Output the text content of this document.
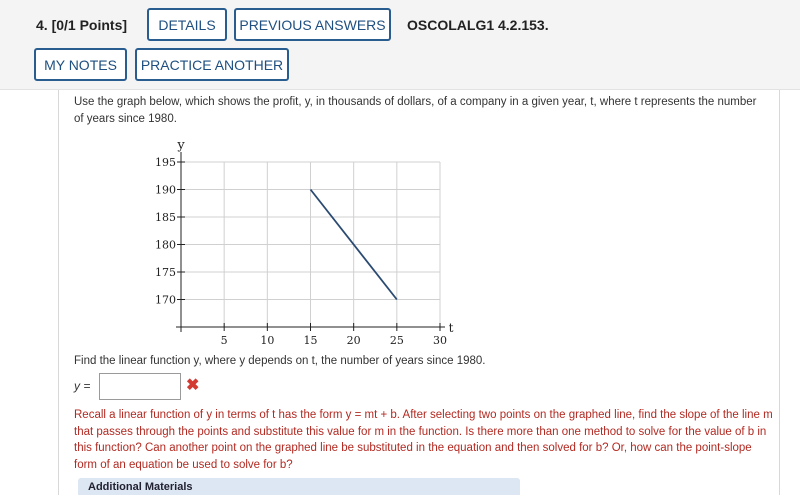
4. [0/1 Points]	DETAILS	PREVIOUS ANSWERS	OSCOLALG1 4.2.153.
MY NOTES	PRACTICE ANOTHER

Use the graph below, which shows the profit, y, in thousands of dollars, of a company in a given year, t, where t represents the number of years since 1980.

y
t
170
175
180
185
190
195
5	10	15	20	25	30

Find the linear function y, where y depends on t, the number of years since 1980.

y =	✖

Recall a linear function of y in terms of t has the form y = mt + b. After selecting two points on the graphed line, find the slope of the line m that passes through the points and substitute this value for m in the function. Is there more than one method to solve for the value of b in this function? Can another point on the graphed line be substituted in the equation and then solved for b? Or, how can the point-slope form of an equation be used to solve for b?

Additional Materials
